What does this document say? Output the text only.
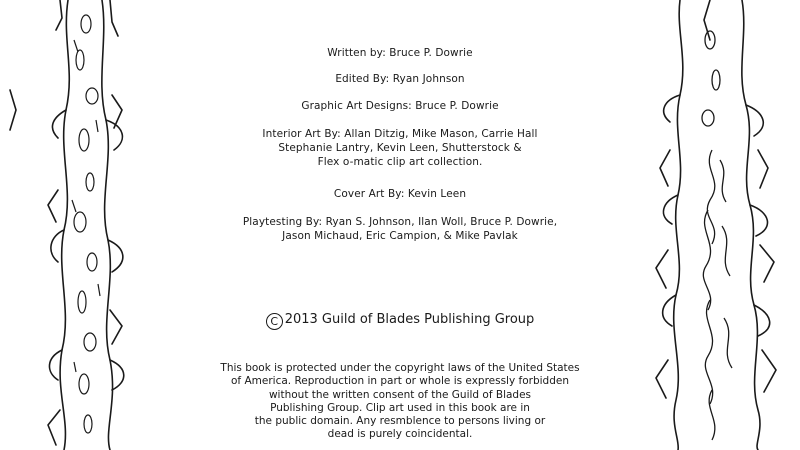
Written by: Bruce P. Dowrie
Edited By: Ryan Johnson
Graphic Art Designs: Bruce P. Dowrie
Interior Art By: Allan Ditzig, Mike Mason, Carrie Hall
Stephanie Lantry, Kevin Leen, Shutterstock &
Flex o-matic clip art collection.
Cover Art By: Kevin Leen
Playtesting By: Ryan S. Johnson, Ilan Woll, Bruce P. Dowrie,
Jason Michaud, Eric Campion, & Mike Pavlak
C 2013 Guild of Blades Publishing Group
This book is protected under the copyright laws of the United States
of America. Reproduction in part or whole is expressly forbidden
without the written consent of the Guild of Blades
Publishing Group. Clip art used in this book are in
the public domain. Any resmblence to persons living or
dead is purely coincidental.
